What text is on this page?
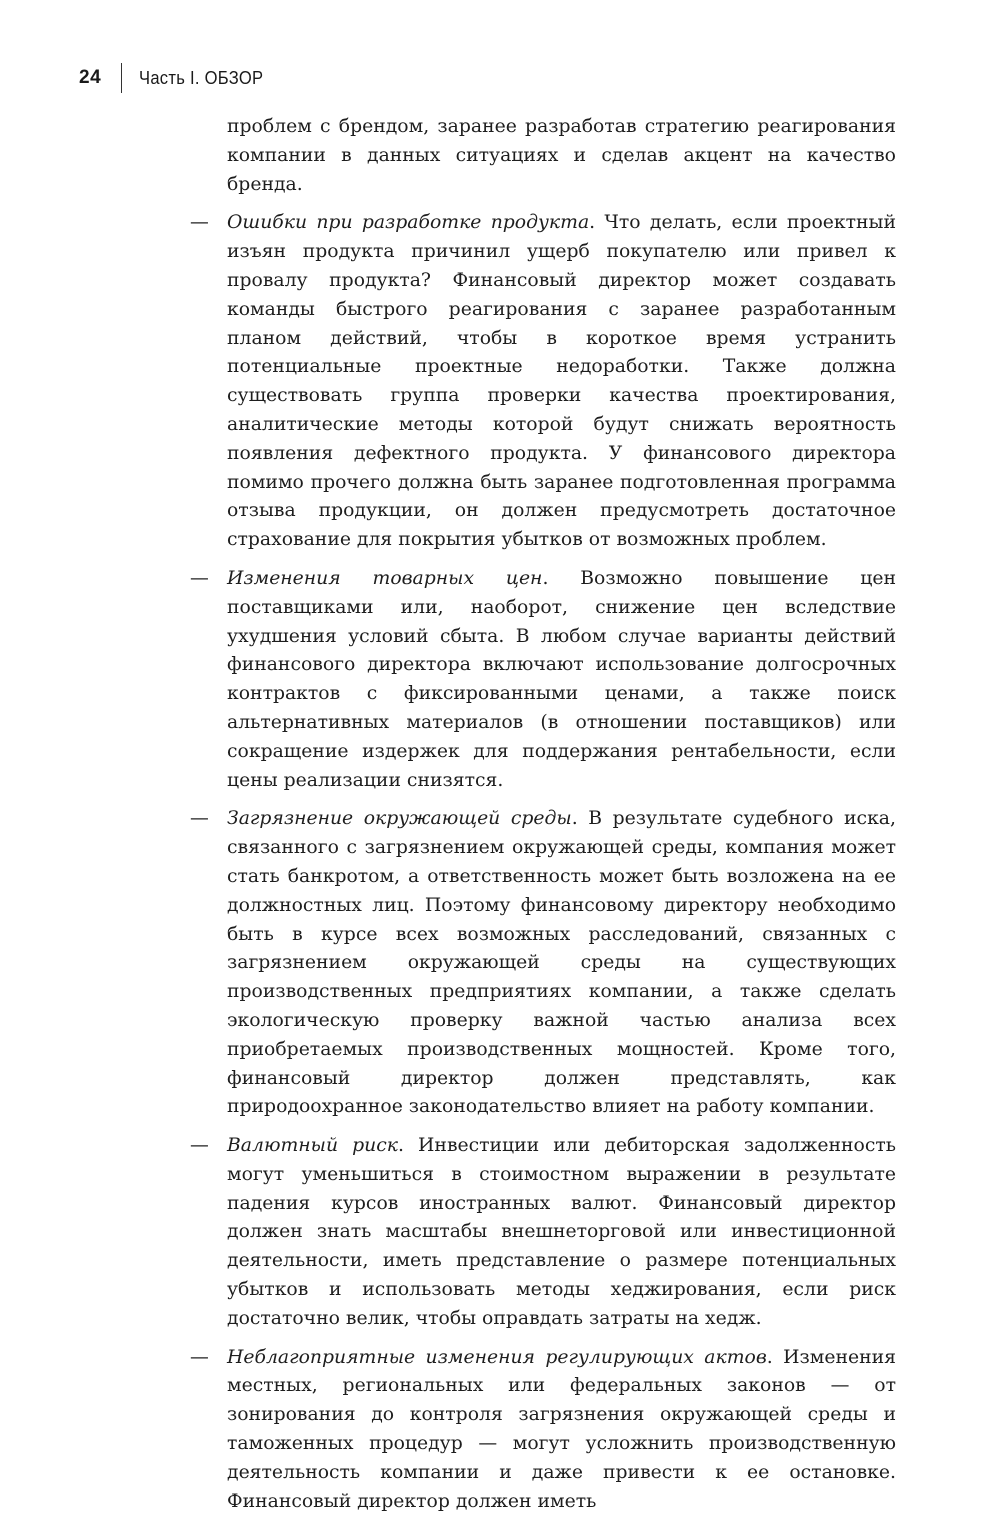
24 Часть I. ОБЗОР

проблем с брендом, заранее разработав стратегию реагирования компании в данных ситуациях и сделав акцент на качество бренда.

— Ошибки при разработке продукта. Что делать, если проектный изъян продукта причинил ущерб покупателю или привел к провалу продукта? Финансовый директор может создавать команды быстрого реагирования с заранее разработанным планом действий, чтобы в короткое время устранить потенциальные проектные недоработки. Также должна существовать группа проверки качества проектирования, аналитические методы которой будут снижать вероятность появления дефектного продукта. У финансового директора помимо прочего должна быть заранее подготовленная программа отзыва продукции, он должен предусмотреть достаточное страхование для покрытия убытков от возможных проблем.

— Изменения товарных цен. Возможно повышение цен поставщиками или, наоборот, снижение цен вследствие ухудшения условий сбыта. В любом случае варианты действий финансового директора включают использование долгосрочных контрактов с фиксированными ценами, а также поиск альтернативных материалов (в отношении поставщиков) или сокращение издержек для поддержания рентабельности, если цены реализации снизятся.

— Загрязнение окружающей среды. В результате судебного иска, связанного с загрязнением окружающей среды, компания может стать банкротом, а ответственность может быть возложена на ее должностных лиц. Поэтому финансовому директору необходимо быть в курсе всех возможных расследований, связанных с загрязнением окружающей среды на существующих производственных предприятиях компании, а также сделать экологическую проверку важной частью анализа всех приобретаемых производственных мощностей. Кроме того, финансовый директор должен представлять, как природоохранное законодательство влияет на работу компании.

— Валютный риск. Инвестиции или дебиторская задолженность могут уменьшиться в стоимостном выражении в результате падения курсов иностранных валют. Финансовый директор должен знать масштабы внешнеторговой или инвестиционной деятельности, иметь представление о размере потенциальных убытков и использовать методы хеджирования, если риск достаточно велик, чтобы оправдать затраты на хедж.

— Неблагоприятные изменения регулирующих актов. Изменения местных, региональных или федеральных законов — от зонирования до контроля загрязнения окружающей среды и таможенных процедур — могут усложнить производственную деятельность компании и даже привести к ее остановке. Финансовый директор должен иметь
